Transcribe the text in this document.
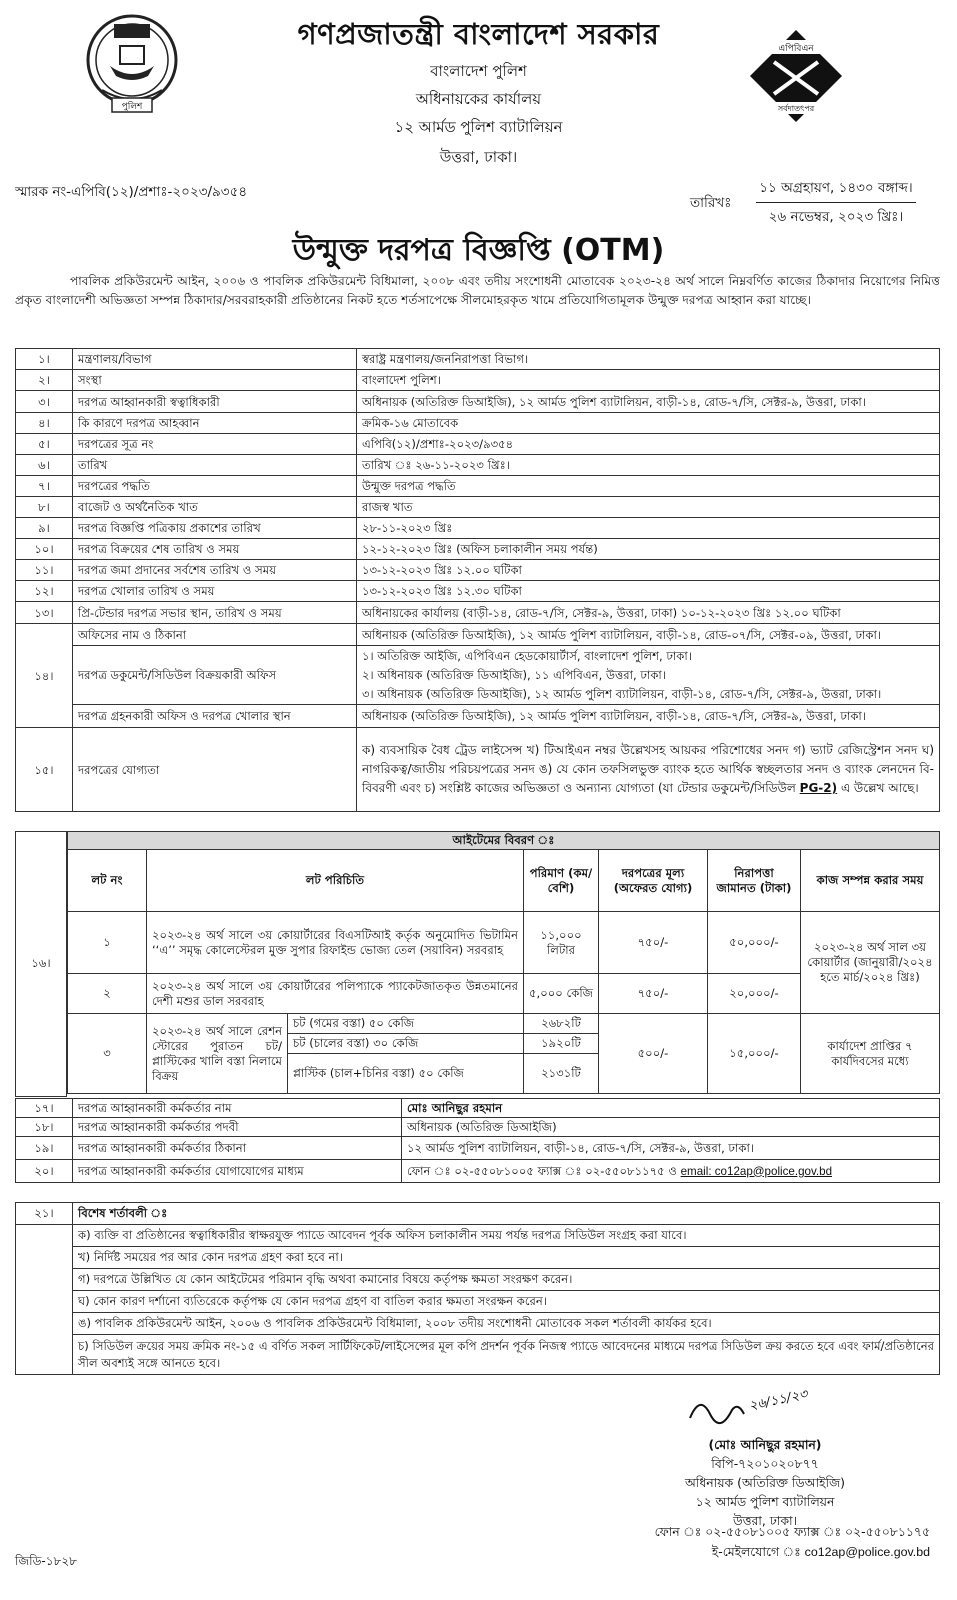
পুলিশ
এপিবিএন
সর্বদাতৎপর
গণপ্রজাতন্ত্রী বাংলাদেশ সরকার
বাংলাদেশ পুলিশ
অধিনায়কের কার্যালয়
১২ আর্মড পুলিশ ব্যাটালিয়ন
উত্তরা, ঢাকা।
স্মারক নং-এপিবি(১২)/প্রশাঃ-২০২৩/৯৩৫৪
তারিখঃ
১১ অগ্রহায়ণ, ১৪৩০ বঙ্গাব্দ।
২৬ নভেম্বর, ২০২৩ খ্রিঃ।
উন্মুক্ত দরপত্র বিজ্ঞপ্তি (OTM)
পাবলিক প্রকিউরমেন্ট আইন, ২০০৬ ও পাবলিক প্রকিউরমেন্ট বিধিমালা, ২০০৮ এবং তদীয় সংশোধনী মোতাবেক ২০২৩-২৪ অর্থ সালে নিম্নবর্ণিত কাজের ঠিকাদার নিয়োগের নিমিত্ত প্রকৃত বাংলাদেশী অভিজ্ঞতা সম্পন্ন ঠিকাদার/সরবরাহকারী প্রতিষ্ঠানের নিকট হতে শর্তসাপেক্ষে সীলমোহরকৃত খামে প্রতিযোগিতামূলক উন্মুক্ত দরপত্র আহ্বান করা যাচ্ছে।
১।	মন্ত্রণালয়/বিভাগ	স্বরাষ্ট্র মন্ত্রণালয়/জননিরাপত্তা বিভাগ।
২।	সংস্থা	বাংলাদেশ পুলিশ।
৩।	দরপত্র আহ্বানকারী স্বত্বাধিকারী	অধিনায়ক (অতিরিক্ত ডিআইজি), ১২ আর্মড পুলিশ ব্যাটালিয়ন, বাড়ী-১৪, রোড-৭/সি, সেক্টর-৯, উত্তরা, ঢাকা।
৪।	কি কারণে দরপত্র আহব্বান	ক্রমিক-১৬ মোতাবেক
৫।	দরপত্রের সূত্র নং	এপিবি(১২)/প্রশাঃ-২০২৩/৯৩৫৪
৬।	তারিখ	তারিখ ঃ ২৬-১১-২০২৩ খ্রিঃ।
৭।	দরপত্রের পদ্ধতি	উন্মুক্ত দরপত্র পদ্ধতি
৮।	বাজেট ও অর্থনৈতিক খাত	রাজস্ব খাত
৯।	দরপত্র বিজ্ঞপ্তি পত্রিকায় প্রকাশের তারিখ	২৮-১১-২০২৩ খ্রিঃ
১০।	দরপত্র বিক্রয়ের শেষ তারিখ ও সময়	১২-১২-২০২৩ খ্রিঃ (অফিস চলাকালীন সময় পর্যন্ত)
১১।	দরপত্র জমা প্রদানের সর্বশেষ তারিখ ও সময়	১৩-১২-২০২৩ খ্রিঃ ১২.০০ ঘটিকা
১২।	দরপত্র খোলার তারিখ ও সময়	১৩-১২-২০২৩ খ্রিঃ ১২.৩০ ঘটিকা
১৩।	প্রি-টেন্ডার দরপত্র সভার স্থান, তারিখ ও সময়	অধিনায়কের কার্যালয় (বাড়ী-১৪, রোড-৭/সি, সেক্টর-৯, উত্তরা, ঢাকা) ১০-১২-২০২৩ খ্রিঃ ১২.০০ ঘটিকা
১৪।	অফিসের নাম ও ঠিকানা	অধিনায়ক (অতিরিক্ত ডিআইজি), ১২ আর্মড পুলিশ ব্যাটালিয়ন, বাড়ী-১৪, রোড-০৭/সি, সেক্টর-০৯, উত্তরা, ঢাকা।
	দরপত্র ডকুমেন্ট/সিডিউল বিক্রয়কারী অফিস	১। অতিরিক্ত আইজি, এপিবিএন হেডকোয়ার্টার্স, বাংলাদেশ পুলিশ, ঢাকা।
২। অধিনায়ক (অতিরিক্ত ডিআইজি), ১১ এপিবিএন, উত্তরা, ঢাকা।
৩। অধিনায়ক (অতিরিক্ত ডিআইজি), ১২ আর্মড পুলিশ ব্যাটালিয়ন, বাড়ী-১৪, রোড-৭/সি, সেক্টর-৯, উত্তরা, ঢাকা।

	দরপত্র গ্রহনকারী অফিস ও দরপত্র খোলার স্থান	অধিনায়ক (অতিরিক্ত ডিআইজি), ১২ আর্মড পুলিশ ব্যাটালিয়ন, বাড়ী-১৪, রোড-৭/সি, সেক্টর-৯, উত্তরা, ঢাকা।
১৫।	দরপত্রের যোগ্যতা	ক) ব্যবসায়িক বৈধ ট্রেড লাইসেন্স খ) টিআইএন নম্বর উল্লেখসহ আয়কর পরিশোধের সনদ গ) ভ্যাট রেজিস্ট্রেশন সনদ ঘ) নাগরিকত্ব/জাতীয় পরিচয়পত্রের সনদ ঙ) যে কোন তফসিলভুক্ত ব্যাংক হতে আর্থিক স্বচ্ছলতার সনদ ও ব্যাংক লেনদেন বি-বিবরণী এবং চ) সংশ্লিষ্ট কাজের অভিজ্ঞতা ও অন্যান্য যোগ্যতা (যা টেন্ডার ডকুমেন্ট/সিডিউল PG-2) এ উল্লেখ আছে।
১৬।
আইটেমের বিবরণ ঃ						
লট নং	লট পরিচিতি		পরিমাণ (কম/ বেশি)	দরপত্রের মূল্য (অফেরত যোগ্য)	নিরাপত্তা জামানত (টাকা)	কাজ সম্পন্ন করার সময়
১	২০২৩-২৪ অর্থ সালে ৩য় কোয়ার্টারের বিএসটিআই কর্তৃক অনুমোদিত ভিটামিন ‘‘এ’’ সমৃদ্ধ কোলেস্টেরল মুক্ত সুপার রিফাইন্ড ভোজ্য তেল (সয়াবিন) সরবরাহ		১১,০০০ লিটার	৭৫০/-	৫০,০০০/-	২০২৩-২৪ অর্থ সাল ৩য় কোয়ার্টার (জানুয়ারী/২০২৪ হতে মার্চ/২০২৪ খ্রিঃ)
২	২০২৩-২৪ অর্থ সালে ৩য় কোয়ার্টারের পলিপ্যাকে প্যাকেটজাতকৃত উন্নতমানের দেশী মশুর ডাল সরবরাহ		৫,০০০ কেজি	৭৫০/-	২০,০০০/-	
৩	২০২৩-২৪ অর্থ সালে রেশন স্টোরের পুরাতন চট/প্লাস্টিকের খালি বস্তা নিলামে বিক্রয়	চট (গমের বস্তা) ৫০ কেজি	২৬৮২টি	৫০০/-	১৫,০০০/-	কার্যাদেশ প্রাপ্তির ৭ কার্যদিবসের মধ্যে
		চট (চালের বস্তা) ৩০ কেজি	১৯২০টি			
		প্লাস্টিক (চাল+চিনির বস্তা) ৫০ কেজি	২১৩১টি			
১৭।	দরপত্র আহ্বানকারী কর্মকর্তার নাম	মোঃ আনিছুর রহমান
১৮।	দরপত্র আহ্বানকারী কর্মকর্তার পদবী	অধিনায়ক (অতিরিক্ত ডিআইজি)
১৯।	দরপত্র আহ্বানকারী কর্মকর্তার ঠিকানা	১২ আর্মড পুলিশ ব্যাটালিয়ন, বাড়ী-১৪, রোড-৭/সি, সেক্টর-৯, উত্তরা, ঢাকা।
২০।	দরপত্র আহ্বানকারী কর্মকর্তার যোগাযোগের মাধ্যম	ফোন ঃ ০২-৫৫০৮১০০৫ ফ্যাক্স ঃ ০২-৫৫০৮১১৭৫ ও email: co12ap@police.gov.bd
২১।	বিশেষ শর্তাবলী ঃ
	ক) ব্যক্তি বা প্রতিষ্ঠানের স্বত্বাধিকারীর স্বাক্ষরযুক্ত প্যাডে আবেদন পূর্বক অফিস চলাকালীন সময় পর্যন্ত দরপত্র সিডিউল সংগ্রহ করা যাবে।
	খ) নির্দিষ্ট সময়ের পর আর কোন দরপত্র গ্রহণ করা হবে না।
	গ) দরপত্রে উল্লিখিত যে কোন আইটেমের পরিমান বৃদ্ধি অথবা কমানোর বিষয়ে কর্তৃপক্ষ ক্ষমতা সংরক্ষণ করেন।
	ঘ) কোন কারণ দর্শানো ব্যতিরেকে কর্তৃপক্ষ যে কোন দরপত্র গ্রহণ বা বাতিল করার ক্ষমতা সংরক্ষন করেন।
	ঙ) পাবলিক প্রকিউরমেন্ট আইন, ২০০৬ ও পাবলিক প্রকিউরমেন্ট বিধিমালা, ২০০৮ তদীয় সংশোধনী মোতাবেক সকল শর্তাবলী কার্যকর হবে।
	চ) সিডিউল ক্রয়ের সময় ক্রমিক নং-১৫ এ বর্ণিত সকল সার্টিফিকেট/লাইসেন্সের মূল কপি প্রদর্শন পূর্বক নিজস্ব প্যাডে আবেদনের মাধ্যমে দরপত্র সিডিউল ক্রয় করতে হবে এবং ফার্ম/প্রতিষ্ঠানের সীল অবশ্যই সঙ্গে আনতে হবে।
২৬/১১/২৩
(মোঃ আনিছুর রহমান)
বিপি-৭২০১০২০৮৭৭
অধিনায়ক (অতিরিক্ত ডিআইজি)
১২ আর্মড পুলিশ ব্যাটালিয়ন
উত্তরা, ঢাকা।
ফোন ঃ ০২-৫৫০৮১০০৫ ফ্যাক্স ঃ ০২-৫৫০৮১১৭৫
ই-মেইলযোগে ঃ co12ap@police.gov.bd
জিডি-১৮২৮
